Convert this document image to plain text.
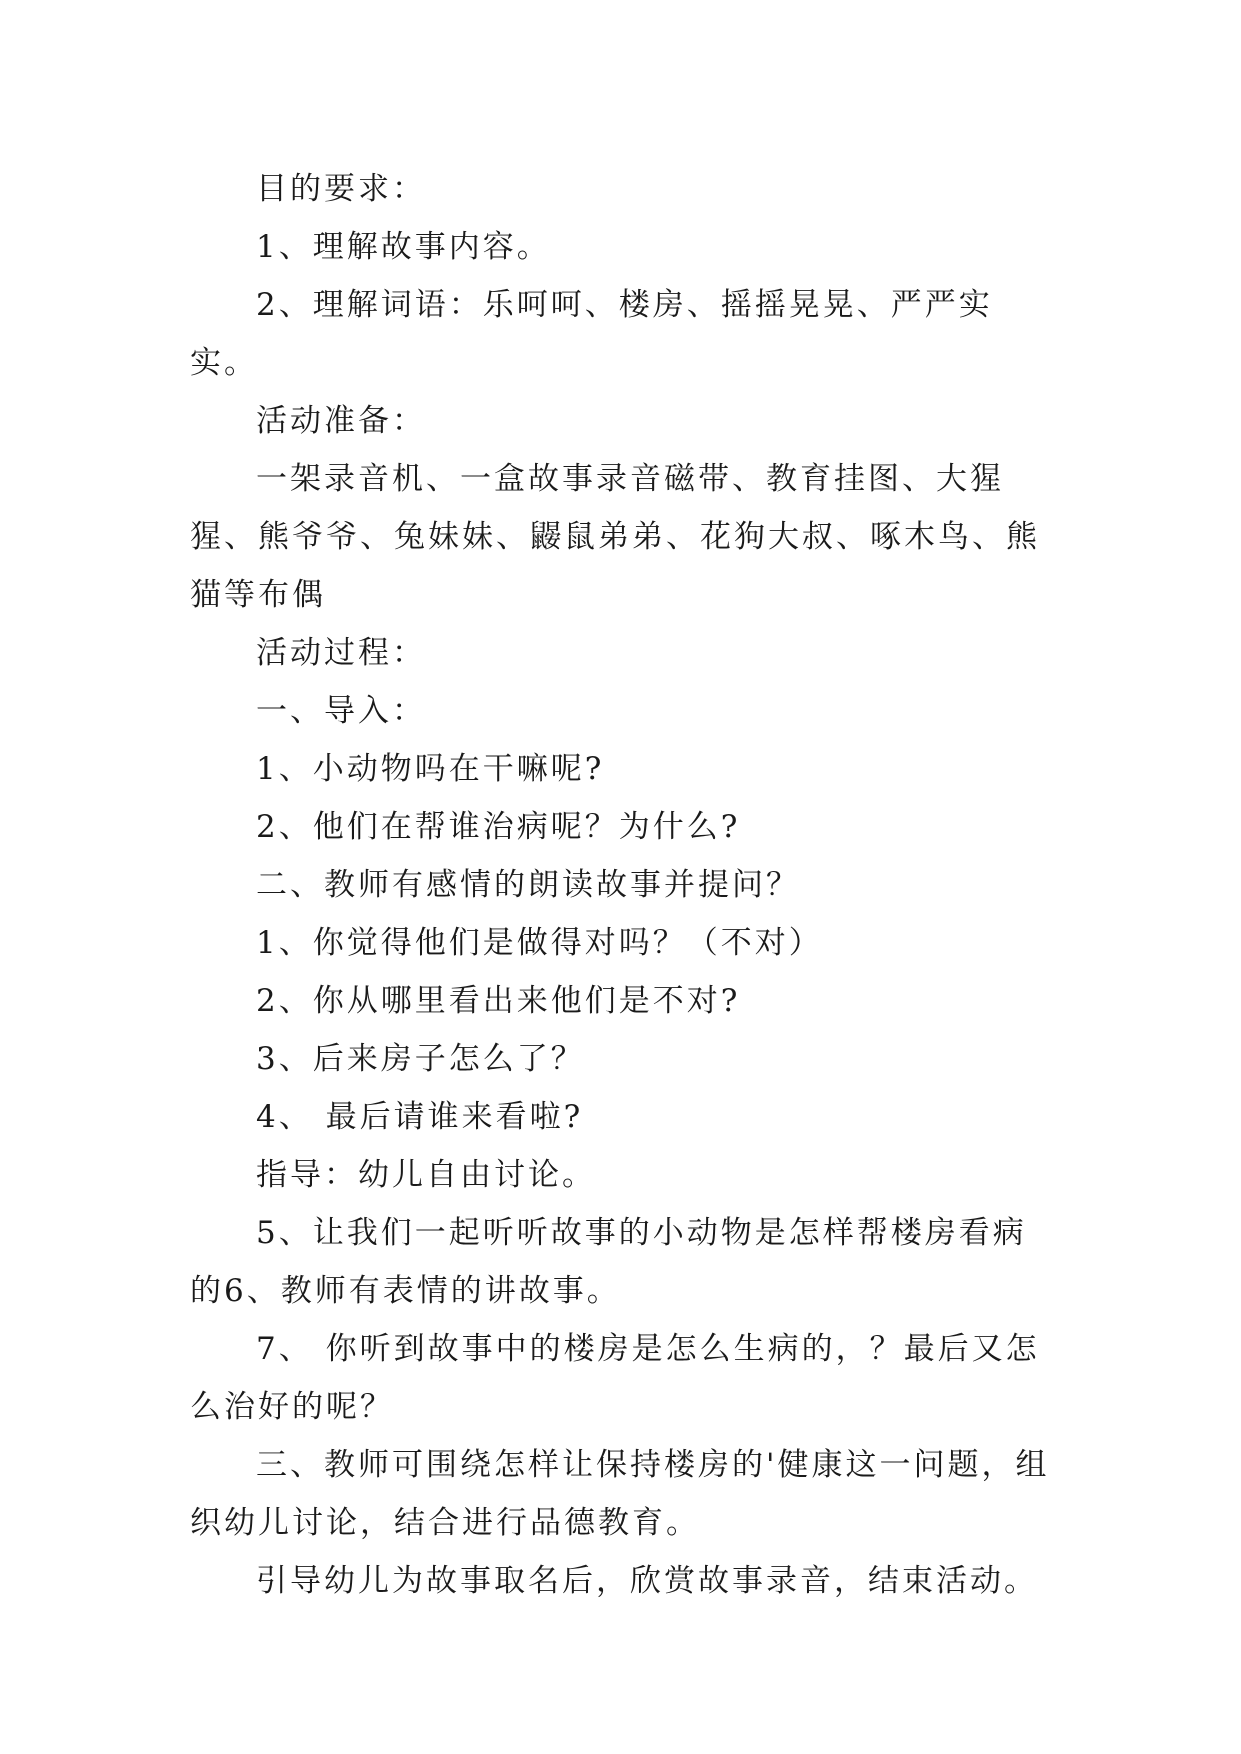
目的要求：

1、理解故事内容。

2、理解词语：乐呵呵、楼房、摇摇晃晃、严严实实。

活动准备：

一架录音机、一盒故事录音磁带、教育挂图、大猩猩、熊爷爷、兔妹妹、鼹鼠弟弟、花狗大叔、啄木鸟、熊猫等布偶

活动过程：

一、导入：

1、小动物吗在干嘛呢?

2、他们在帮谁治病呢？为什么?

二、教师有感情的朗读故事并提问？

1、你觉得他们是做得对吗？（不对）

2、你从哪里看出来他们是不对?

3、后来房子怎么了？

4、 最后请谁来看啦?

指导：幼儿自由讨论。

5、让我们一起听听故事的小动物是怎样帮楼房看病的6、教师有表情的讲故事。

7、 你听到故事中的楼房是怎么生病的，？最后又怎么治好的呢？

三、教师可围绕怎样让保持楼房的'健康这一问题，组织幼儿讨论，结合进行品德教育。

引导幼儿为故事取名后，欣赏故事录音，结束活动。
